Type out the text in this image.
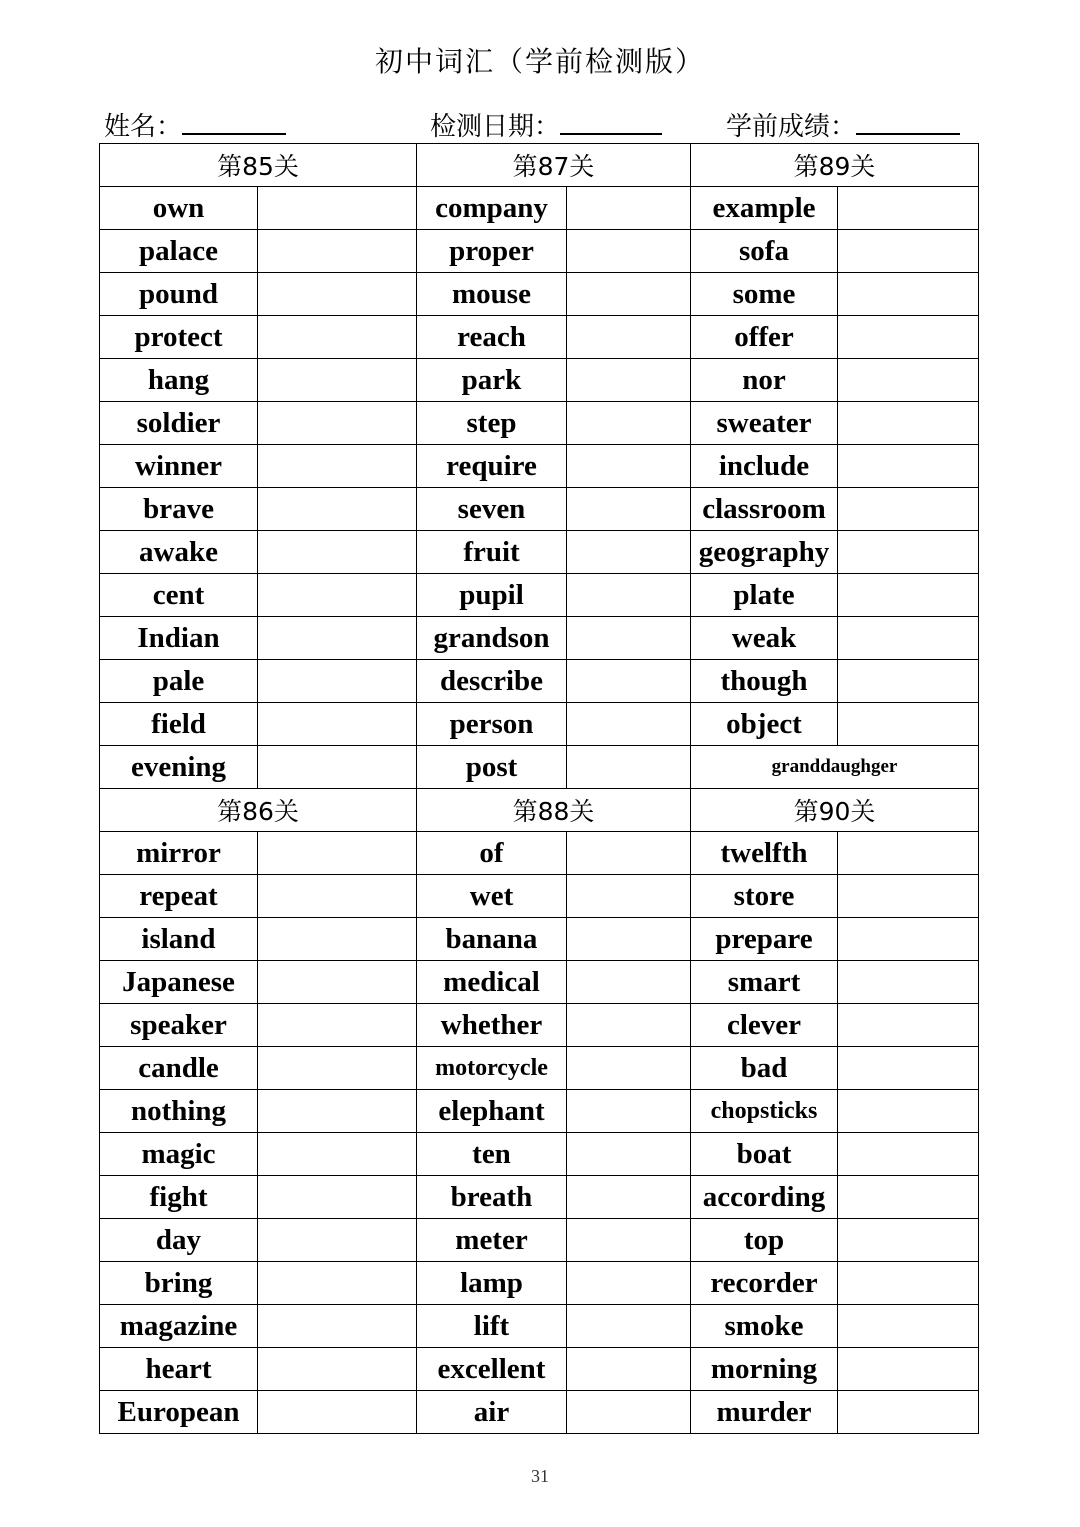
初中词汇（学前检测版）
姓名：	检测日期：	学前成绩：
第85关		第87关		第89关	
own		company		example	
palace		proper		sofa	
pound		mouse		some	
protect		reach		offer	
hang		park		nor	
soldier		step		sweater	
winner		require		include	
brave		seven		classroom	
awake		fruit		geography	
cent		pupil		plate	
Indian		grandson		weak	
pale		describe		though	
field		person		object	
evening		post		granddaughger	
第86关		第88关		第90关	
mirror		of		twelfth	
repeat		wet		store	
island		banana		prepare	
Japanese		medical		smart	
speaker		whether		clever	
candle		motorcycle		bad	
nothing		elephant		chopsticks	
magic		ten		boat	
fight		breath		according	
day		meter		top	
bring		lamp		recorder	
magazine		lift		smoke	
heart		excellent		morning	
European		air		murder	
31
